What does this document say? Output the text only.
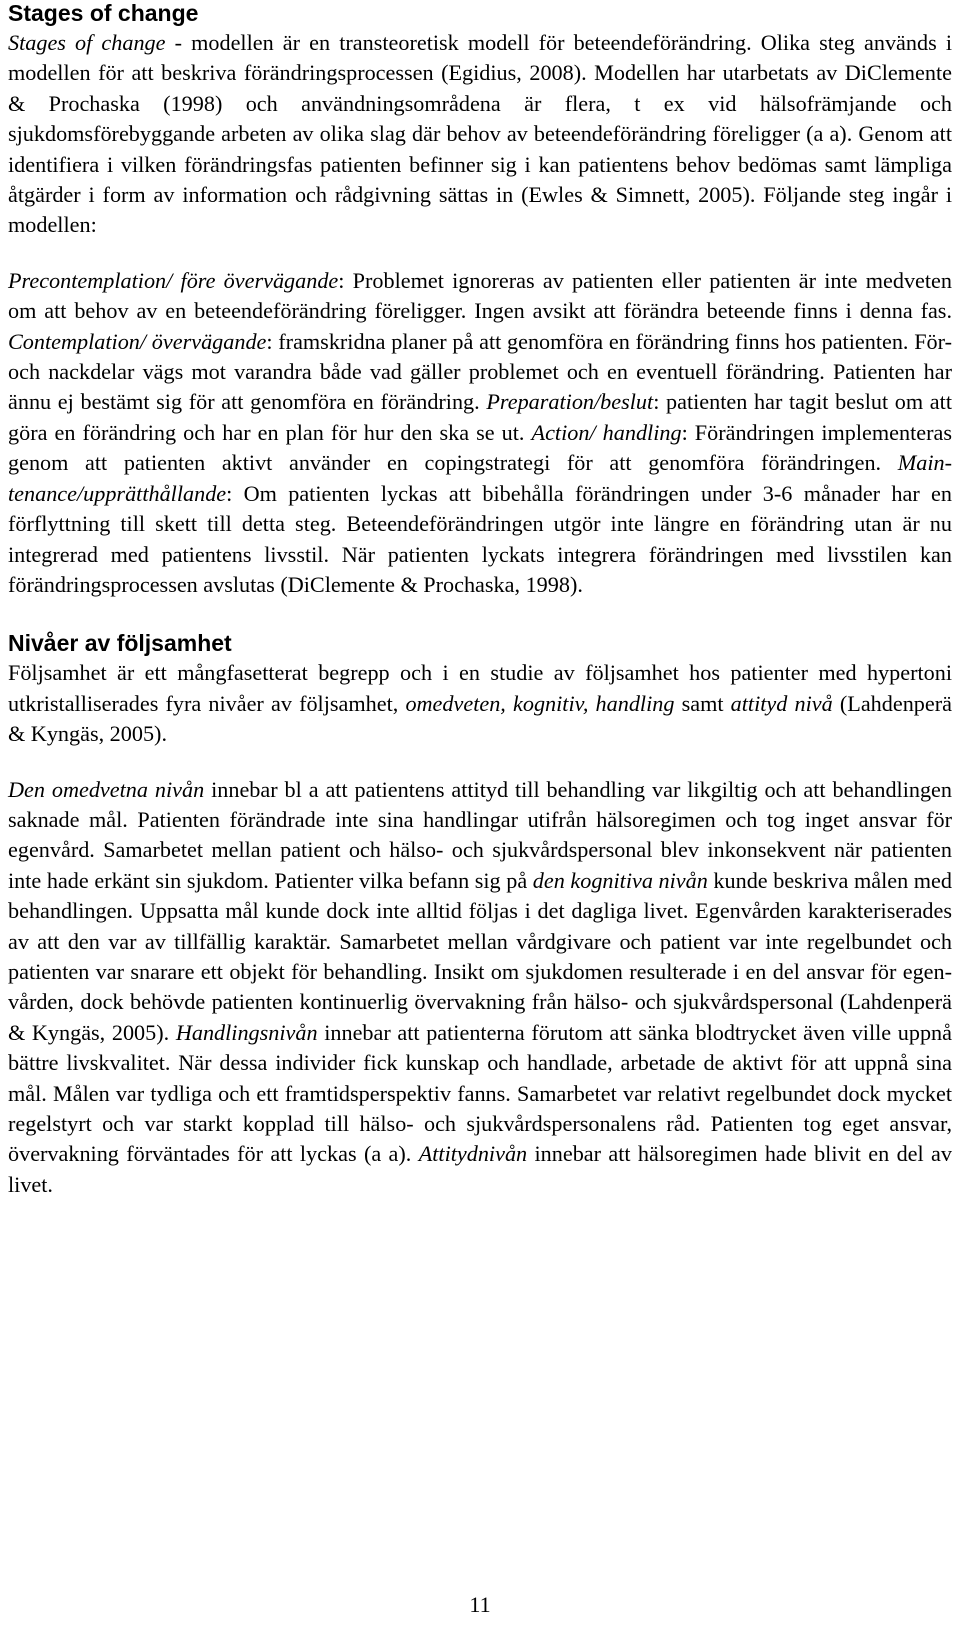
Stages of change

Stages of change - modellen är en transteoretisk modell för beteendeförändring. Olika steg används i modellen för att beskriva förändringsprocessen (Egidius, 2008). Modellen har utarbetats av DiClemente & Prochaska (1998) och användningsområdena är flera, t ex vid hälsofrämjande och sjukdomsförebyggande arbeten av olika slag där behov av beteendeförändring föreligger (a a). Genom att identifiera i vilken förändringsfas patienten befinner sig i kan patientens behov bedömas samt lämpliga åtgärder i form av information och rådgivning sättas in (Ewles & Simnett, 2005). Följande steg ingår i modellen:

Precontemplation/ före övervägande: Problemet ignoreras av patienten eller patienten är inte medveten om att behov av en beteendeförändring föreligger. Ingen avsikt att förändra beteende finns i denna fas. Contemplation/ övervägande: framskridna planer på att genomföra en förändring finns hos patienten. För- och nackdelar vägs mot varandra både vad gäller problemet och en eventuell förändring. Patienten har ännu ej bestämt sig för att genomföra en förändring. Preparation/beslut: patienten har tagit beslut om att göra en förändring och har en plan för hur den ska se ut. Action/ handling: Förändringen implementeras genom att patienten aktivt använder en copingstrategi för att genomföra förändringen. Maintenance/upprätthållande: Om patienten lyckas att bibehålla förändringen under 3-6 månader har en förflyttning till skett till detta steg. Beteendeförändringen utgör inte längre en förändring utan är nu integrerad med patientens livsstil. När patienten lyckats integrera förändringen med livsstilen kan förändringsprocessen avslutas (DiClemente & Prochaska, 1998).

Nivåer av följsamhet

Följsamhet är ett mångfasetterat begrepp och i en studie av följsamhet hos patienter med hypertoni utkristalliserades fyra nivåer av följsamhet, omedveten, kognitiv, handling samt attityd nivå (Lahdenperä & Kyngäs, 2005).

Den omedvetna nivån innebar bl a att patientens attityd till behandling var likgiltig och att behandlingen saknade mål. Patienten förändrade inte sina handlingar utifrån hälsoregimen och tog inget ansvar för egenvård. Samarbetet mellan patient och hälso- och sjukvårdspersonal blev inkonsekvent när patienten inte hade erkänt sin sjukdom. Patienter vilka befann sig på den kognitiva nivån kunde beskriva målen med behandlingen. Uppsatta mål kunde dock inte alltid följas i det dagliga livet. Egenvården karakteriserades av att den var av tillfällig karaktär. Samarbetet mellan vårdgivare och patient var inte regelbundet och patienten var snarare ett objekt för behandling. Insikt om sjukdomen resulterade i en del ansvar för egenvården, dock behövde patienten kontinuerlig övervakning från hälso- och sjukvårdspersonal (Lahdenperä & Kyngäs, 2005). Handlingsnivån innebar att patienterna förutom att sänka blodtrycket även ville uppnå bättre livskvalitet. När dessa individer fick kunskap och handlade, arbetade de aktivt för att uppnå sina mål. Målen var tydliga och ett framtidsperspektiv fanns. Samarbetet var relativt regelbundet dock mycket regelstyrt och var starkt kopplad till hälso- och sjukvårdspersonalens råd. Patienten tog eget ansvar, övervakning förväntades för att lyckas (a a). Attitydnivån innebar att hälsoregimen hade blivit en del av livet.

11
